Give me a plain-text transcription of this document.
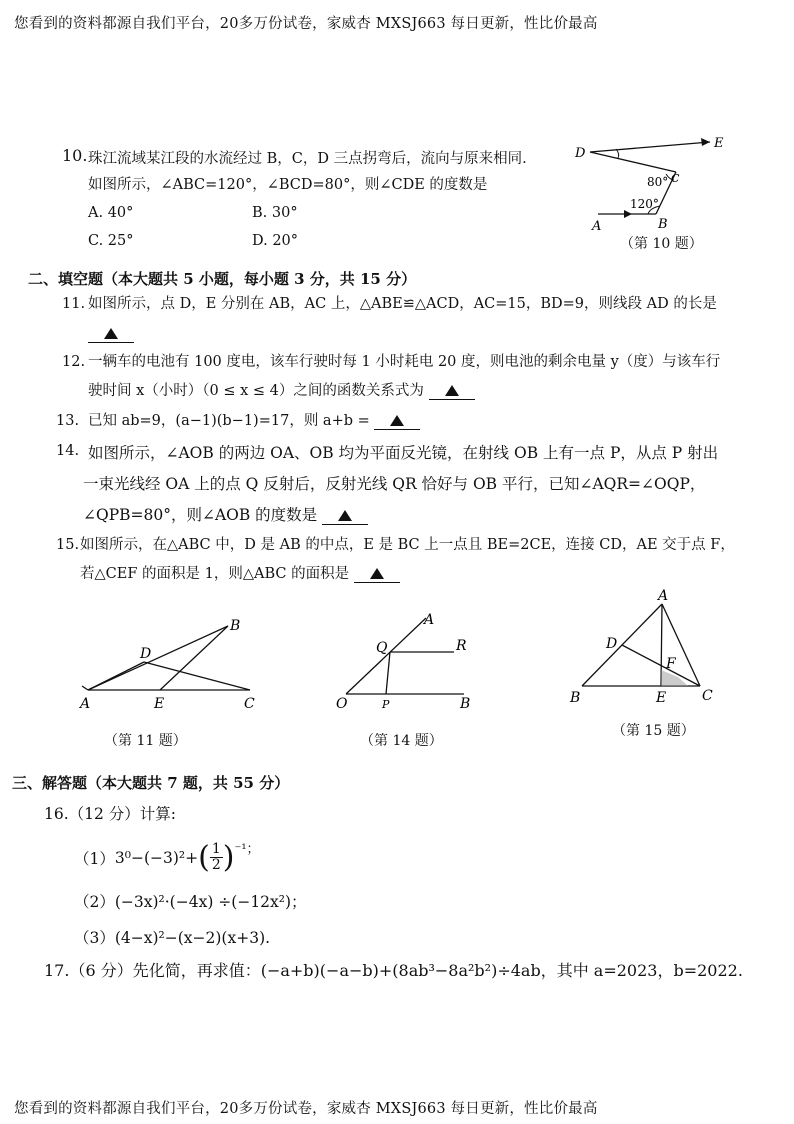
您看到的资料都源自我们平台，20多万份试卷，家威杏 MXSJ663 每日更新，性比价最高
您看到的资料都源自我们平台，20多万份试卷，家威杏 MXSJ663 每日更新，性比价最高
10. 珠江流域某江段的水流经过 B，C，D 三点拐弯后，流向与原来相同.
如图所示，∠ABC=120°，∠BCD=80°，则∠CDE 的度数是
A. 40°	B. 30°
C. 25°	D. 20°
D
E
C
A	B
80°
120°
（第 10 题）
二、填空题（本大题共 5 小题，每小题 3 分，共 15 分）
11. 如图所示，点 D，E 分别在 AB，AC 上，△ABE≌△ACD，AC=15，BD=9，则线段 AD 的长是
12. 一辆车的电池有 100 度电，该车行驶时每 1 小时耗电 20 度，则电池的剩余电量 y（度）与该车行
驶时间 x（小时）（0 ≤ x ≤ 4）之间的函数关系式为
13. 已知 ab=9，(a−1)(b−1)=17，则 a+b =
14. 如图所示，∠AOB 的两边 OA、OB 均为平面反光镜，在射线 OB 上有一点 P，从点 P 射出
一束光线经 OA 上的点 Q 反射后，反射光线 QR 恰好与 OB 平行，已知∠AQR=∠OQP，
∠QPB=80°，则∠AOB 的度数是
15. 如图所示，在△ABC 中，D 是 AB 的中点，E 是 BC 上一点且 BE=2CE，连接 CD，AE 交于点 F，
若△CEF 的面积是 1，则△ABC 的面积是
A
B
C
D
E
（第 11 题）
O
A
B
Q	R
P
（第 14 题）
A
B	C
D
E
F
（第 15 题）
三、解答题（本大题共 7 题，共 55 分）
16.（12 分）计算:
（1） 3⁰−(−3)²+ ( $\frac{1}{2}$ ) ⁻¹；
（2）(−3x)²·(−4x) ÷(−12x²)；
（3）(4−x)²−(x−2)(x+3).
17.（6 分）先化简，再求值：(−a+b)(−a−b)+(8ab³−8a²b²)÷4ab，其中 a=2023，b=2022.
